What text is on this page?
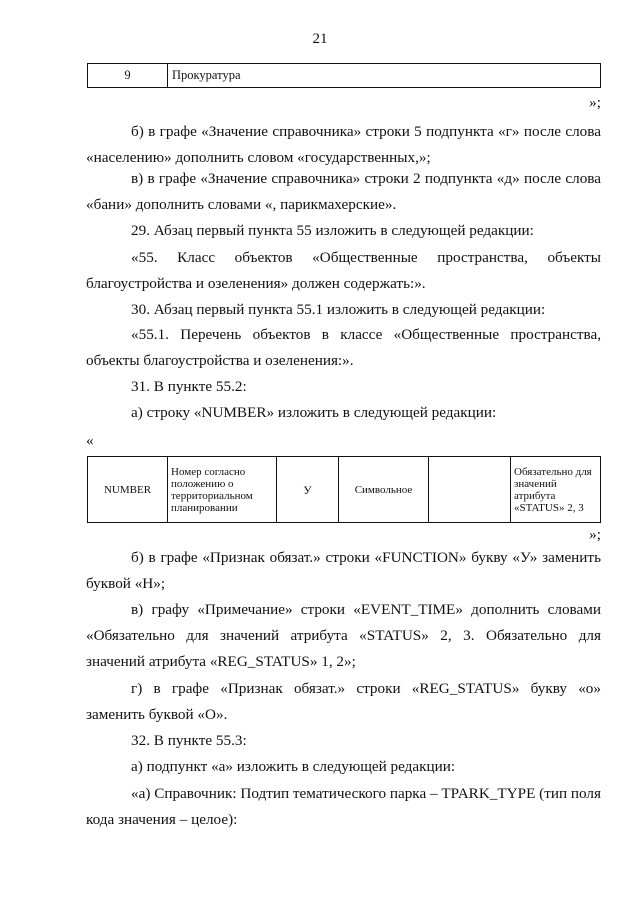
21
9	Прокуратура
»;
б) в графе «Значение справочника» строки 5 подпункта «г» после слова «населению» дополнить словом «государственных,»;
в) в графе «Значение справочника» строки 2 подпункта «д» после слова «бани» дополнить словами «, парикмахерские».
29. Абзац первый пункта 55 изложить в следующей редакции:
«55. Класс объектов «Общественные пространства, объекты благоустройства и озеленения» должен содержать:».
30. Абзац первый пункта 55.1 изложить в следующей редакции:
«55.1. Перечень объектов в классе «Общественные пространства, объекты благоустройства и озеленения:».
31. В пункте 55.2:
а) строку «NUMBER» изложить в следующей редакции:
«
NUMBER	Номер согласно положению о территориальном планировании	У	Символьное		Обязательно для значений атрибута «STATUS» 2, 3
»;
б) в графе «Признак обязат.» строки «FUNCTION» букву «У» заменить буквой «Н»;
в) графу «Примечание» строки «EVENT_TIME» дополнить словами «Обязательно для значений атрибута «STATUS» 2, 3. Обязательно для значений атрибута «REG_STATUS» 1, 2»;
г) в графе «Признак обязат.» строки «REG_STATUS» букву «о» заменить буквой «О».
32. В пункте 55.3:
а) подпункт «а» изложить в следующей редакции:
«а) Справочник: Подтип тематического парка – TPARK_TYPE (тип поля кода значения – целое):
